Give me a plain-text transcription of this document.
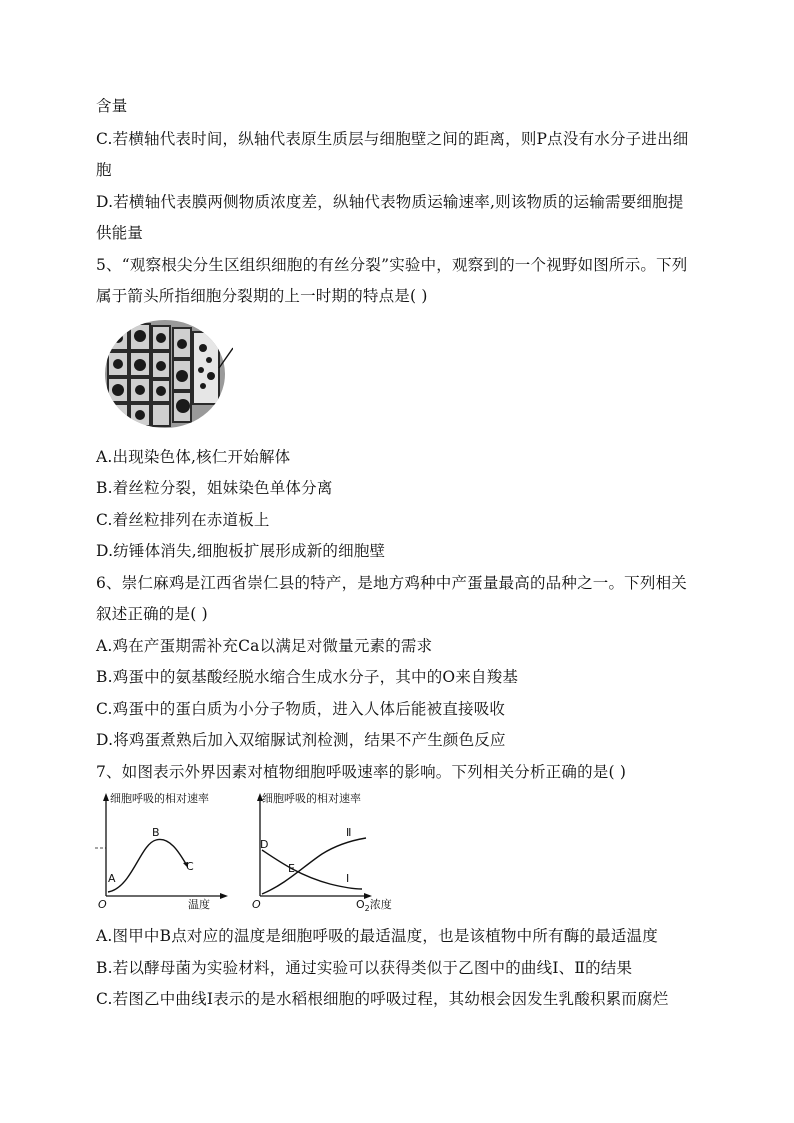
含量
C.若横轴代表时间，纵轴代表原生质层与细胞壁之间的距离，则P点没有水分子进出细
胞
D.若横轴代表膜两侧物质浓度差，纵轴代表物质运输速率,则该物质的运输需要细胞提
供能量
5、“观察根尖分生区组织细胞的有丝分裂”实验中，观察到的一个视野如图所示。下列
属于箭头所指细胞分裂期的上一时期的特点是( )
A.出现染色体,核仁开始解体
B.着丝粒分裂，姐妹染色单体分离
C.着丝粒排列在赤道板上
D.纺锤体消失,细胞板扩展形成新的细胞壁
6、崇仁麻鸡是江西省崇仁县的特产，是地方鸡种中产蛋量最高的品种之一。下列相关
叙述正确的是( )
A.鸡在产蛋期需补充Ca以满足对微量元素的需求
B.鸡蛋中的氨基酸经脱水缩合生成水分子，其中的O来自羧基
C.鸡蛋中的蛋白质为小分子物质，进入人体后能被直接吸收
D.将鸡蛋煮熟后加入双缩脲试剂检测，结果不产生颜色反应
7、如图表示外界因素对植物细胞呼吸速率的影响。下列相关分析正确的是( )
细胞呼吸的相对速率
温度
O
A
B
C
细胞呼吸的相对速率
O	$O_2$浓度
D
E
Ⅱ
Ⅰ
A.图甲中B点对应的温度是细胞呼吸的最适温度，也是该植物中所有酶的最适温度
B.若以酵母菌为实验材料，通过实验可以获得类似于乙图中的曲线Ⅰ、Ⅱ的结果
C.若图乙中曲线Ⅰ表示的是水稻根细胞的呼吸过程，其幼根会因发生乳酸积累而腐烂
